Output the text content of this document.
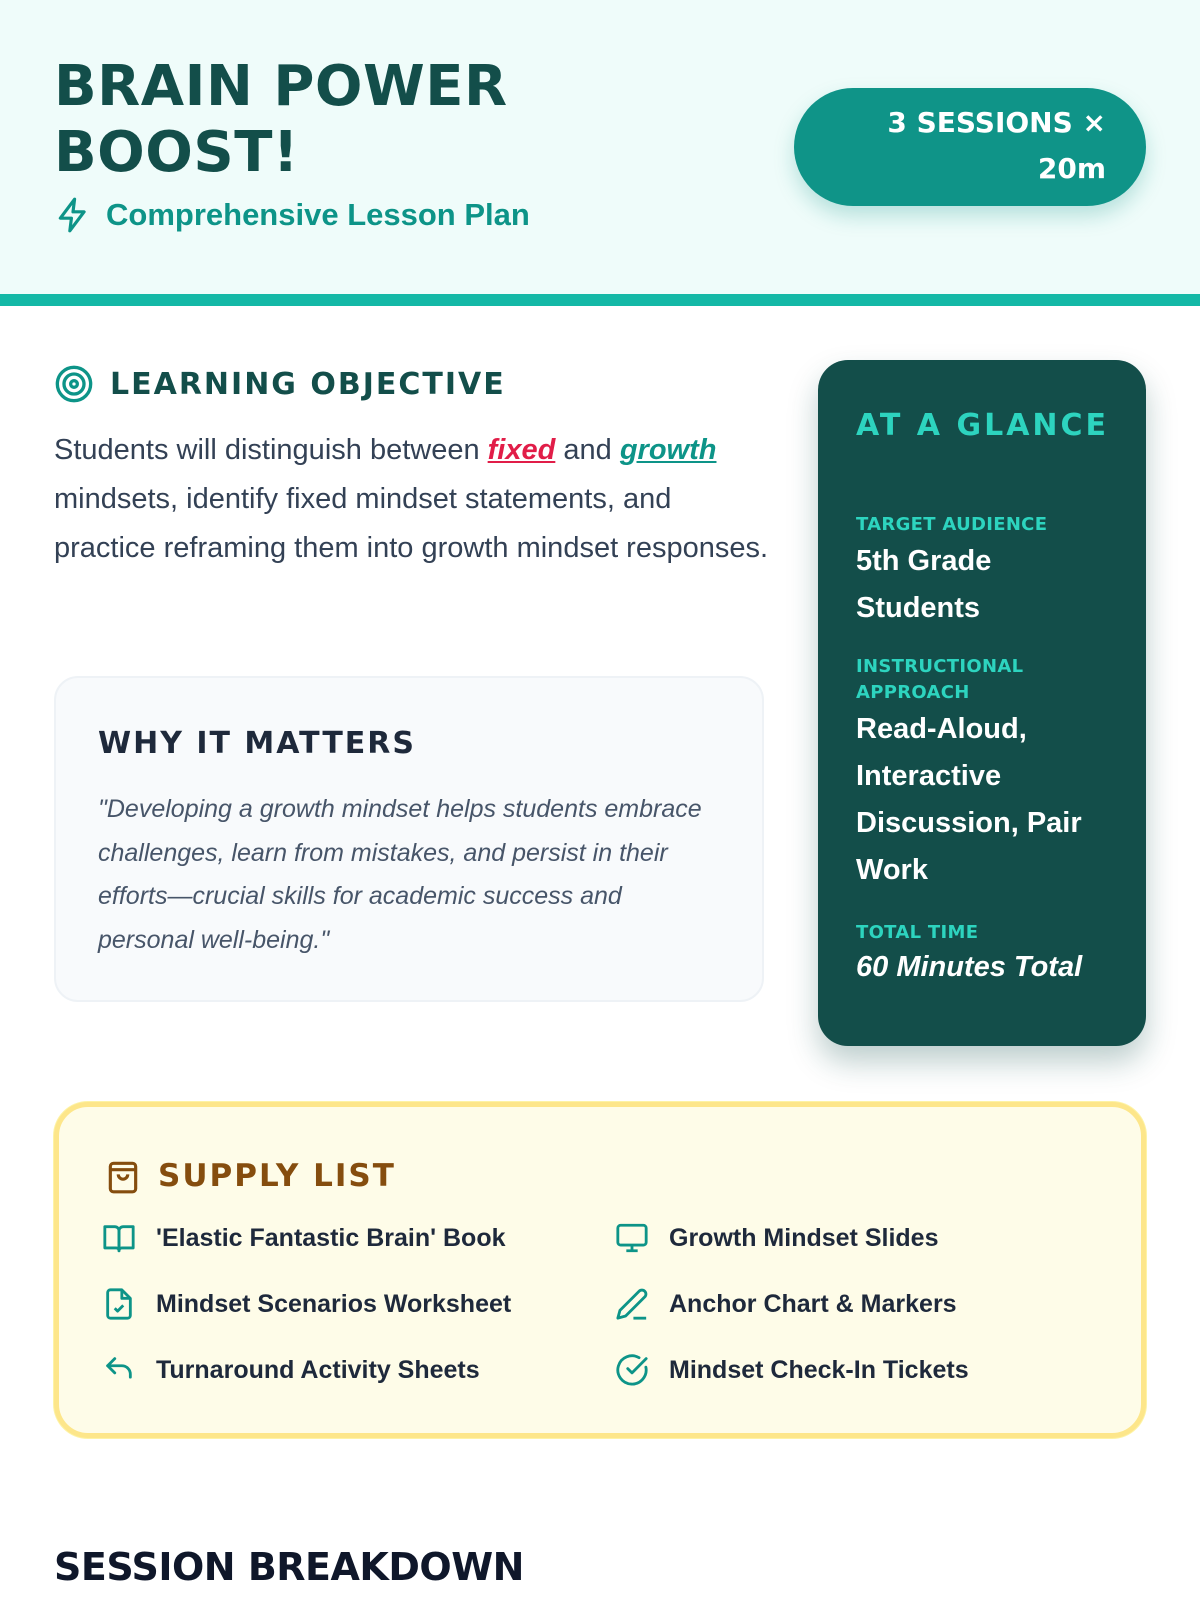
BRAIN POWER BOOST!
Comprehensive Lesson Plan
3 SESSIONS × 20m
LEARNING OBJECTIVE

Students will distinguish between fixed and growth mindsets, identify fixed mindset statements, and practice reframing them into growth mindset responses.

WHY IT MATTERS
"Developing a growth mindset helps students embrace challenges, learn from mistakes, and persist in their efforts—crucial skills for academic success and personal well-being."
AT A GLANCE
TARGET AUDIENCE
5th Grade Students
INSTRUCTIONAL APPROACH
Read-Aloud, Interactive Discussion, Pair Work
TOTAL TIME
60 Minutes Total
SUPPLY LIST
'Elastic Fantastic Brain' Book	Growth Mindset Slides
Mindset Scenarios Worksheet	Anchor Chart & Markers
Turnaround Activity Sheets	Mindset Check-In Tickets
SESSION BREAKDOWN
